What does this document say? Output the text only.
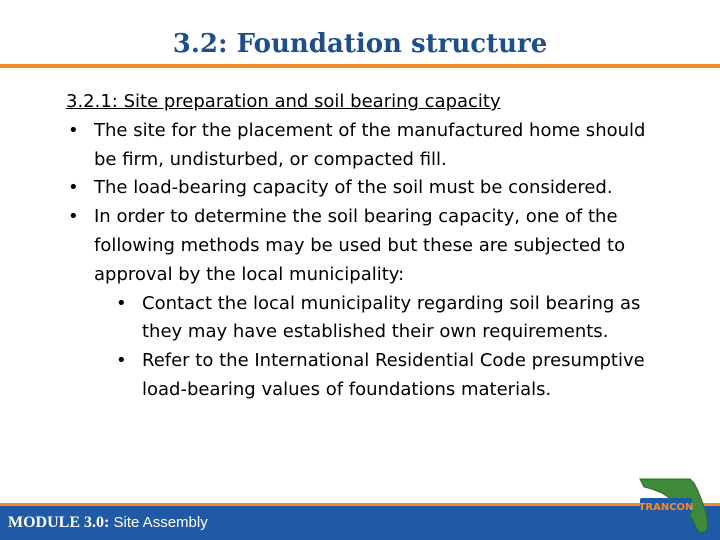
3.2: Foundation structure
3.2.1: Site preparation and soil bearing capacity
• The site for the placement of the manufactured home should be firm, undisturbed, or compacted fill.
• The load-bearing capacity of the soil must be considered.
• In order to determine the soil bearing capacity, one of the following methods may be used but these are subjected to approval by the local municipality:
• Contact the local municipality regarding soil bearing as they may have established their own requirements.
• Refer to the International Residential Code presumptive load-bearing values of foundations materials.
MODULE 3.0: Site Assembly
TRANCON
